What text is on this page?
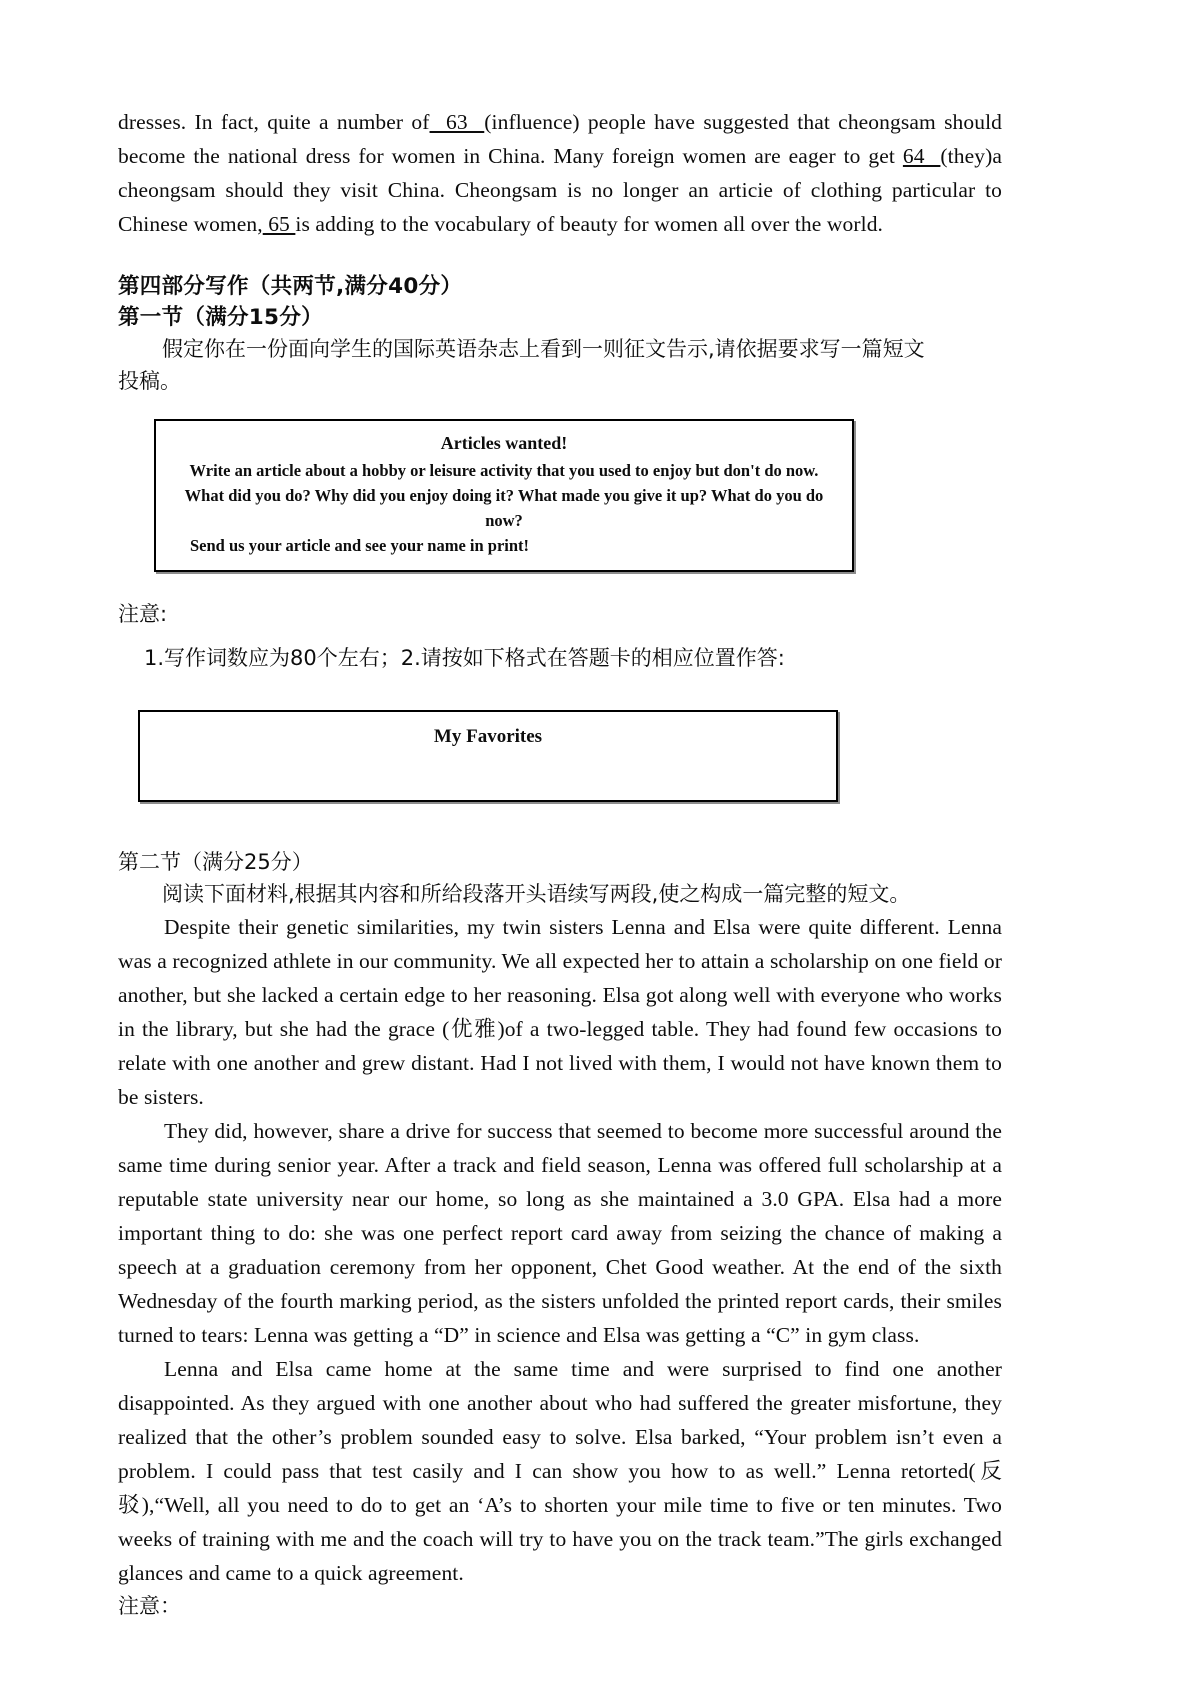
dresses. In fact, quite a number of  63  (influence) people have suggested that cheongsam should become the national dress for women in China. Many foreign women are eager to get 64  (they)a cheongsam should they visit China. Cheongsam is no longer an articie of clothing particular to Chinese women, 65 is adding to the vocabulary of beauty for women all over the world.

第四部分写作（共两节,满分40分）

第一节（满分15分）

假定你在一份面向学生的国际英语杂志上看到一则征文告示,请依据要求写一篇短文

投稿。

Articles wanted!
Write an article about a hobby or leisure activity that you used to enjoy but don't do now.
What did you do? Why did you enjoy doing it? What made you give it up? What do you do now?
Send us your article and see your name in print!

注意:

1.写作词数应为80个左右；2.请按如下格式在答题卡的相应位置作答:

My Favorites

第二节（满分25分）

阅读下面材料,根据其内容和所给段落开头语续写两段,使之构成一篇完整的短文。

Despite their genetic similarities, my twin sisters Lenna and Elsa were quite different. Lenna was a recognized athlete in our community. We all expected her to attain a scholarship on one field or another, but she lacked a certain edge to her reasoning. Elsa got along well with everyone who works in the library, but she had the grace (优雅)of a two-legged table. They had found few occasions to relate with one another and grew distant. Had I not lived with them, I would not have known them to be sisters.

They did, however, share a drive for success that seemed to become more successful around the same time during senior year. After a track and field season, Lenna was offered full scholarship at a reputable state university near our home, so long as she maintained a 3.0 GPA. Elsa had a more important thing to do: she was one perfect report card away from seizing the chance of making a speech at a graduation ceremony from her opponent, Chet Good weather. At the end of the sixth Wednesday of the fourth marking period, as the sisters unfolded the printed report cards, their smiles turned to tears: Lenna was getting a “D” in science and Elsa was getting a “C” in gym class.

Lenna and Elsa came home at the same time and were surprised to find one another disappointed. As they argued with one another about who had suffered the greater misfortune, they realized that the other’s problem sounded easy to solve. Elsa barked, “Your problem isn’t even a problem. I could pass that test casily and I can show you how to as well.” Lenna retorted(反驳),“Well, all you need to do to get an ‘A’s to shorten your mile time to five or ten minutes. Two weeks of training with me and the coach will try to have you on the track team.”The girls exchanged glances and came to a quick agreement.

注意：
